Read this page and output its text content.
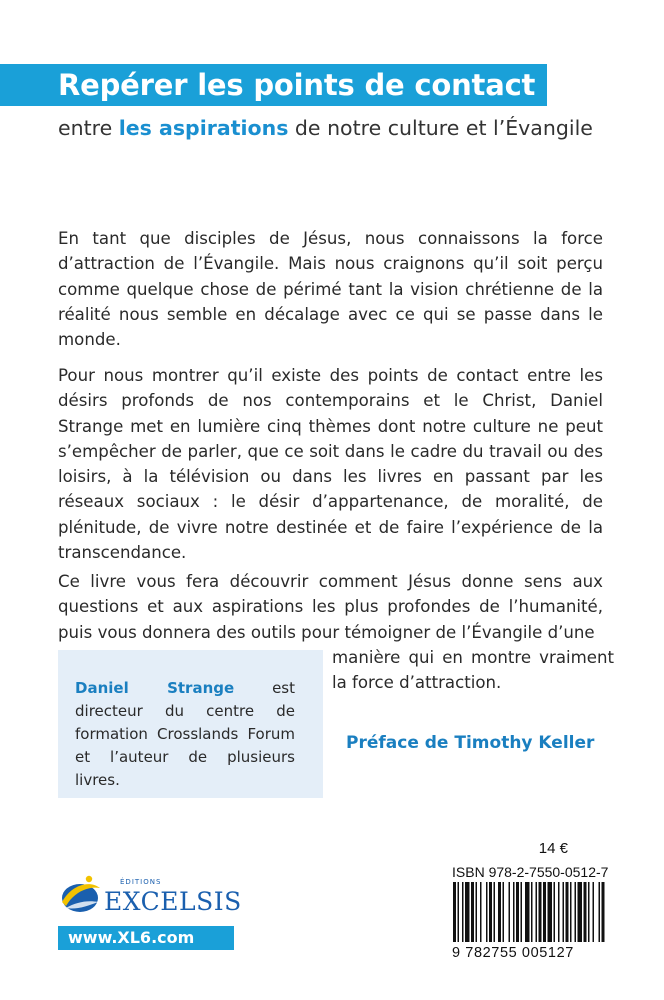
Repérer les points de contact
entre les aspirations de notre culture et l’Évangile

En tant que disciples de Jésus, nous connaissons la force d’attraction de l’Évangile. Mais nous craignons qu’il soit perçu comme quelque chose de périmé tant la vision chrétienne de la réalité nous semble en décalage avec ce qui se passe dans le monde.

Pour nous montrer qu’il existe des points de contact entre les désirs profonds de nos contemporains et le Christ, Daniel Strange met en lumière cinq thèmes dont notre culture ne peut s’empêcher de parler, que ce soit dans le cadre du travail ou des loisirs, à la télévision ou dans les livres en passant par les réseaux sociaux : le désir d’appartenance, de moralité, de plénitude, de vivre notre destinée et de faire l’expérience de la transcendance.

Ce livre vous fera découvrir comment Jésus donne sens aux questions et aux aspirations les plus profondes de l’humanité, puis vous donnera des outils pour témoigner de l’Évangile d’une

manière qui en montre vraiment la force d’attraction.

Daniel Strange est directeur du centre de formation Crosslands Forum et l’auteur de plusieurs livres.

Préface de Timothy Keller
ÉDITIONS
EXCELSIS
www.XL6.com
14 €
ISBN 978-2-7550-0512-7
9 782755 005127
